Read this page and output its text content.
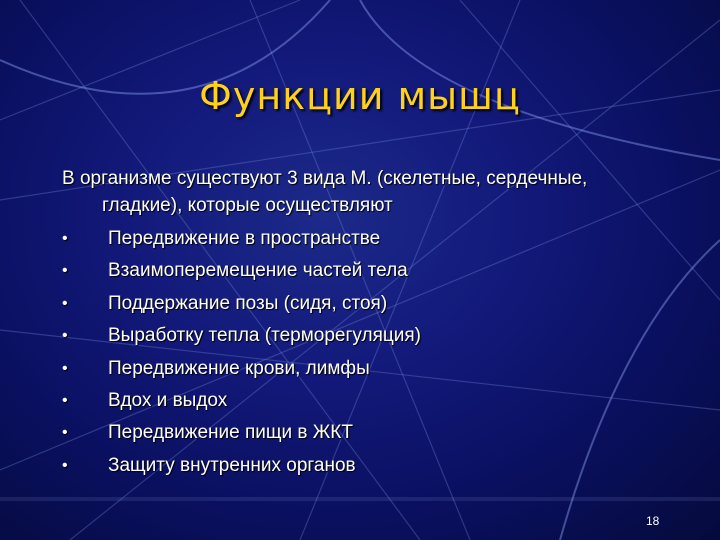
Функции мышц

В организме существуют 3 вида М. (скелетные, сердечные, гладкие), которые осуществляют

• Передвижение в пространстве
• Взаимоперемещение частей тела
• Поддержание позы (сидя, стоя)
• Выработку тепла (терморегуляция)
• Передвижение крови, лимфы
• Вдох и выдох
• Передвижение пищи в ЖКТ
• Защиту внутренних органов
18
